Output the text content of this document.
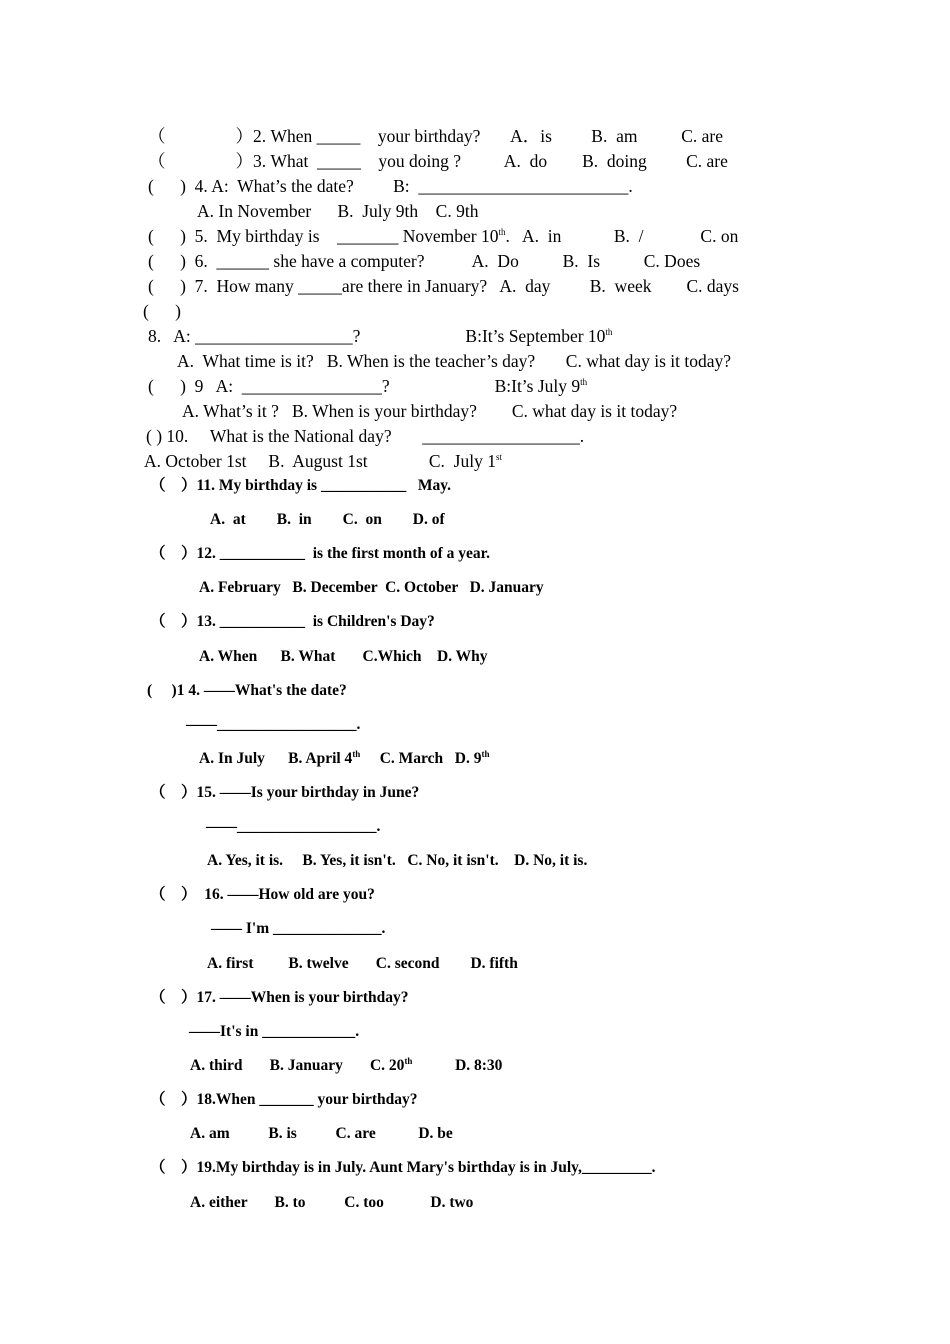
（                ）2. When _____    your birthday?       A．is         B.  am          C. are
（                ）3. What  _____    you doing ?          A.  do        B.  doing         C. are
(      )  4. A:  What’s the date?         B:  ________________________.
A. In November      B.  July 9th    C. 9th
(      )  5.  My birthday is    _______ November 10th.   A.  in            B.  /             C. on
(      )  6.  ______ she have a computer?           A.  Do          B.  Is          C. Does
(      )  7.  How many _____are there in January?   A.  day         B.  week        C. days
(      )
8.   A: __________________?                        B:It’s September 10th
A.  What time is it?   B. When is the teacher’s day?       C. what day is it today?
(      )  9   A:  ________________?                        B:It’s July 9th
A. What’s it ?   B. When is your birthday?        C. what day is it today?
( ) 10.     What is the National day?       __________________.
A. October 1st     B.  August 1st              C.  July 1st
（    ）11. My birthday is ___________   May.
A.  at        B.  in        C.  on        D. of
（    ）12. ___________  is the first month of a year.
A. February   B. December  C. October   D. January
（    ）13. ___________  is Children's Day?
A. When      B. What       C.Which    D. Why
(     )1 4. ——What's the date?
——__________________.
A. In July      B. April 4th     C. March   D. 9th
（    ）15. ——Is your birthday in June?
——__________________.
A. Yes, it is.     B. Yes, it isn't.   C. No, it isn't.    D. No, it is.
（    ）  16. ——How old are you?
—— I'm ______________.
A. first         B. twelve       C. second        D. fifth
（    ）17. ——When is your birthday?
——It's in ____________.
A. third       B. January       C. 20th           D. 8:30
（    ）18.When _______ your birthday?
A. am          B. is          C. are           D. be
（    ）19.My birthday is in July. Aunt Mary's birthday is in July,_________.
A. either       B. to          C. too            D. two
